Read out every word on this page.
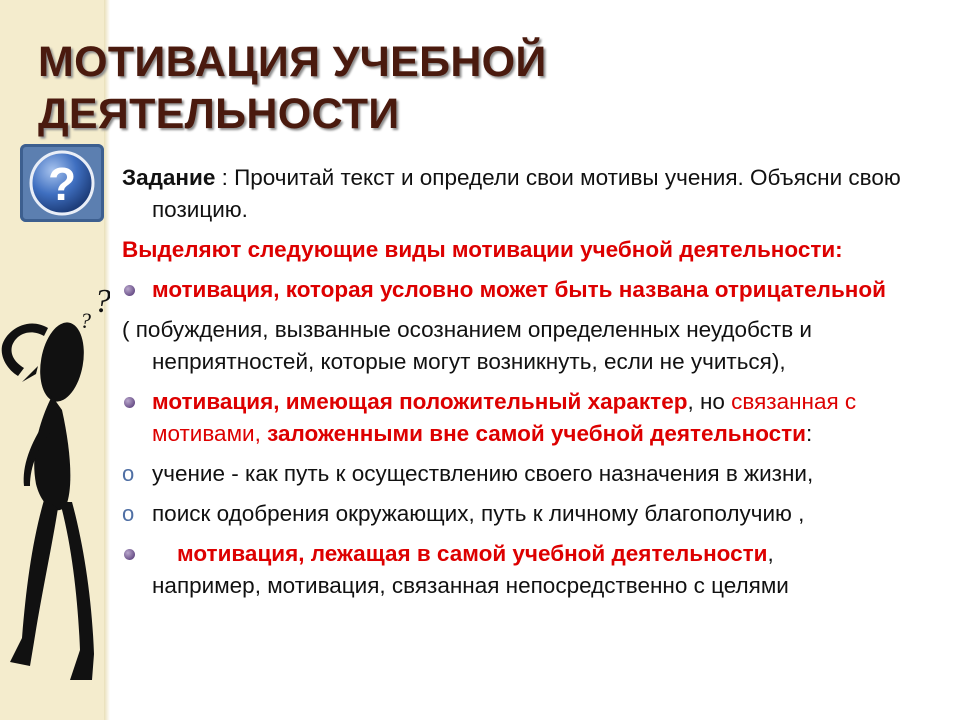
МОТИВАЦИЯ УЧЕБНОЙ
ДЕЯТЕЛЬНОСТИ
?
?
?

Задание : Прочитай текст и определи свои мотивы учения. Объясни свою позицию.

Выделяют следующие виды мотивации учебной деятельности:

мотивация, которая условно может быть названа отрицательной

( побуждения, вызванные осознанием определенных неудобств и неприятностей, которые могут возникнуть, если не учиться),

мотивация, имеющая положительный характер, но связанная с мотивами, заложенными вне самой учебной деятельности:

o учение - как путь к осуществлению своего назначения в жизни,

o поиск одобрения окружающих, путь к личному благополучию ,

мотивация, лежащая в самой учебной деятельности,
например, мотивация, связанная непосредственно с целями
